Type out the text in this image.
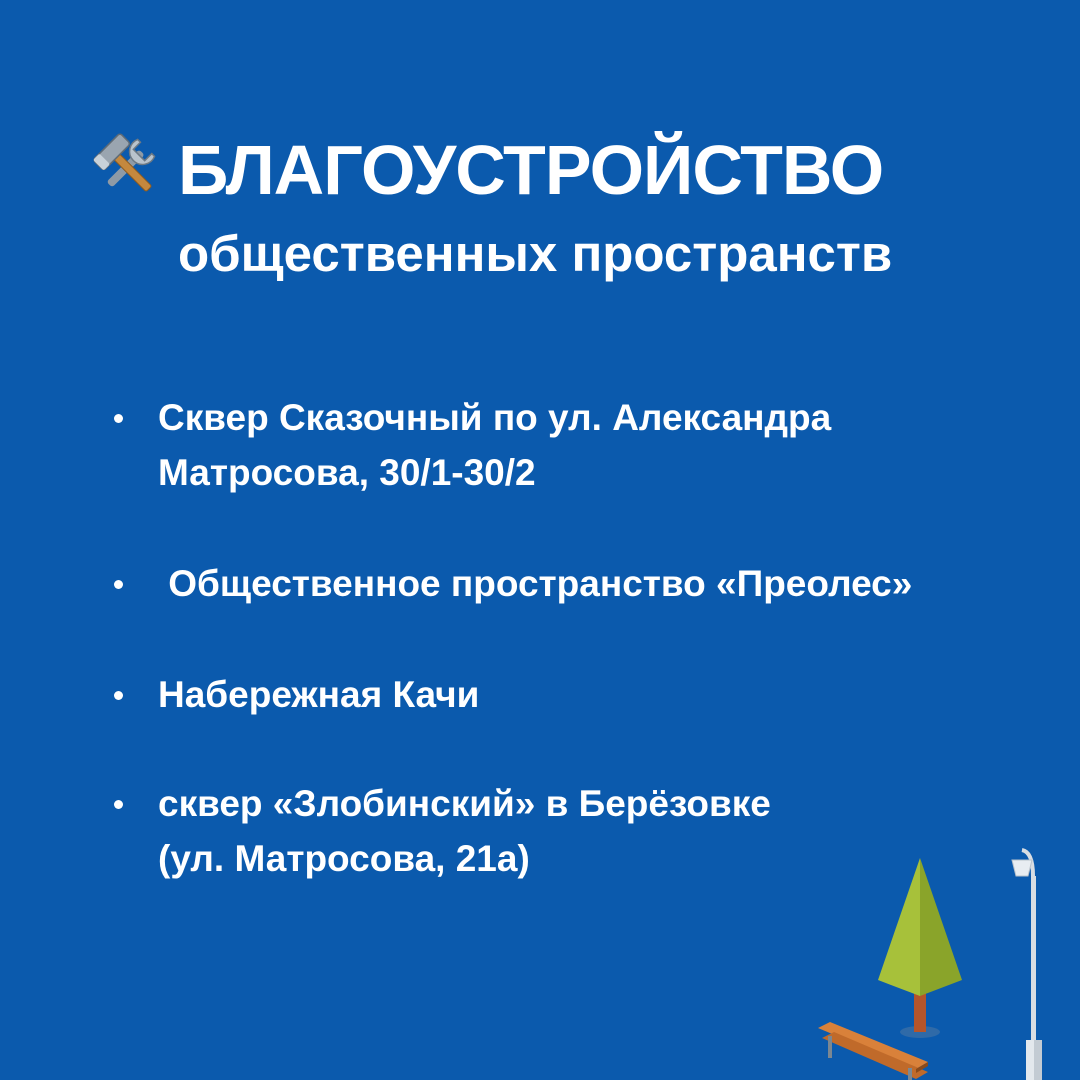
БЛАГОУСТРОЙСТВО
общественных пространств
Сквер Сказочный по ул. Александра
Матросова, 30/1-30/2
Общественное пространство «Преолес»
Набережная Качи
сквер «Злобинский» в Берёзовке
(ул. Матросова, 21а)
